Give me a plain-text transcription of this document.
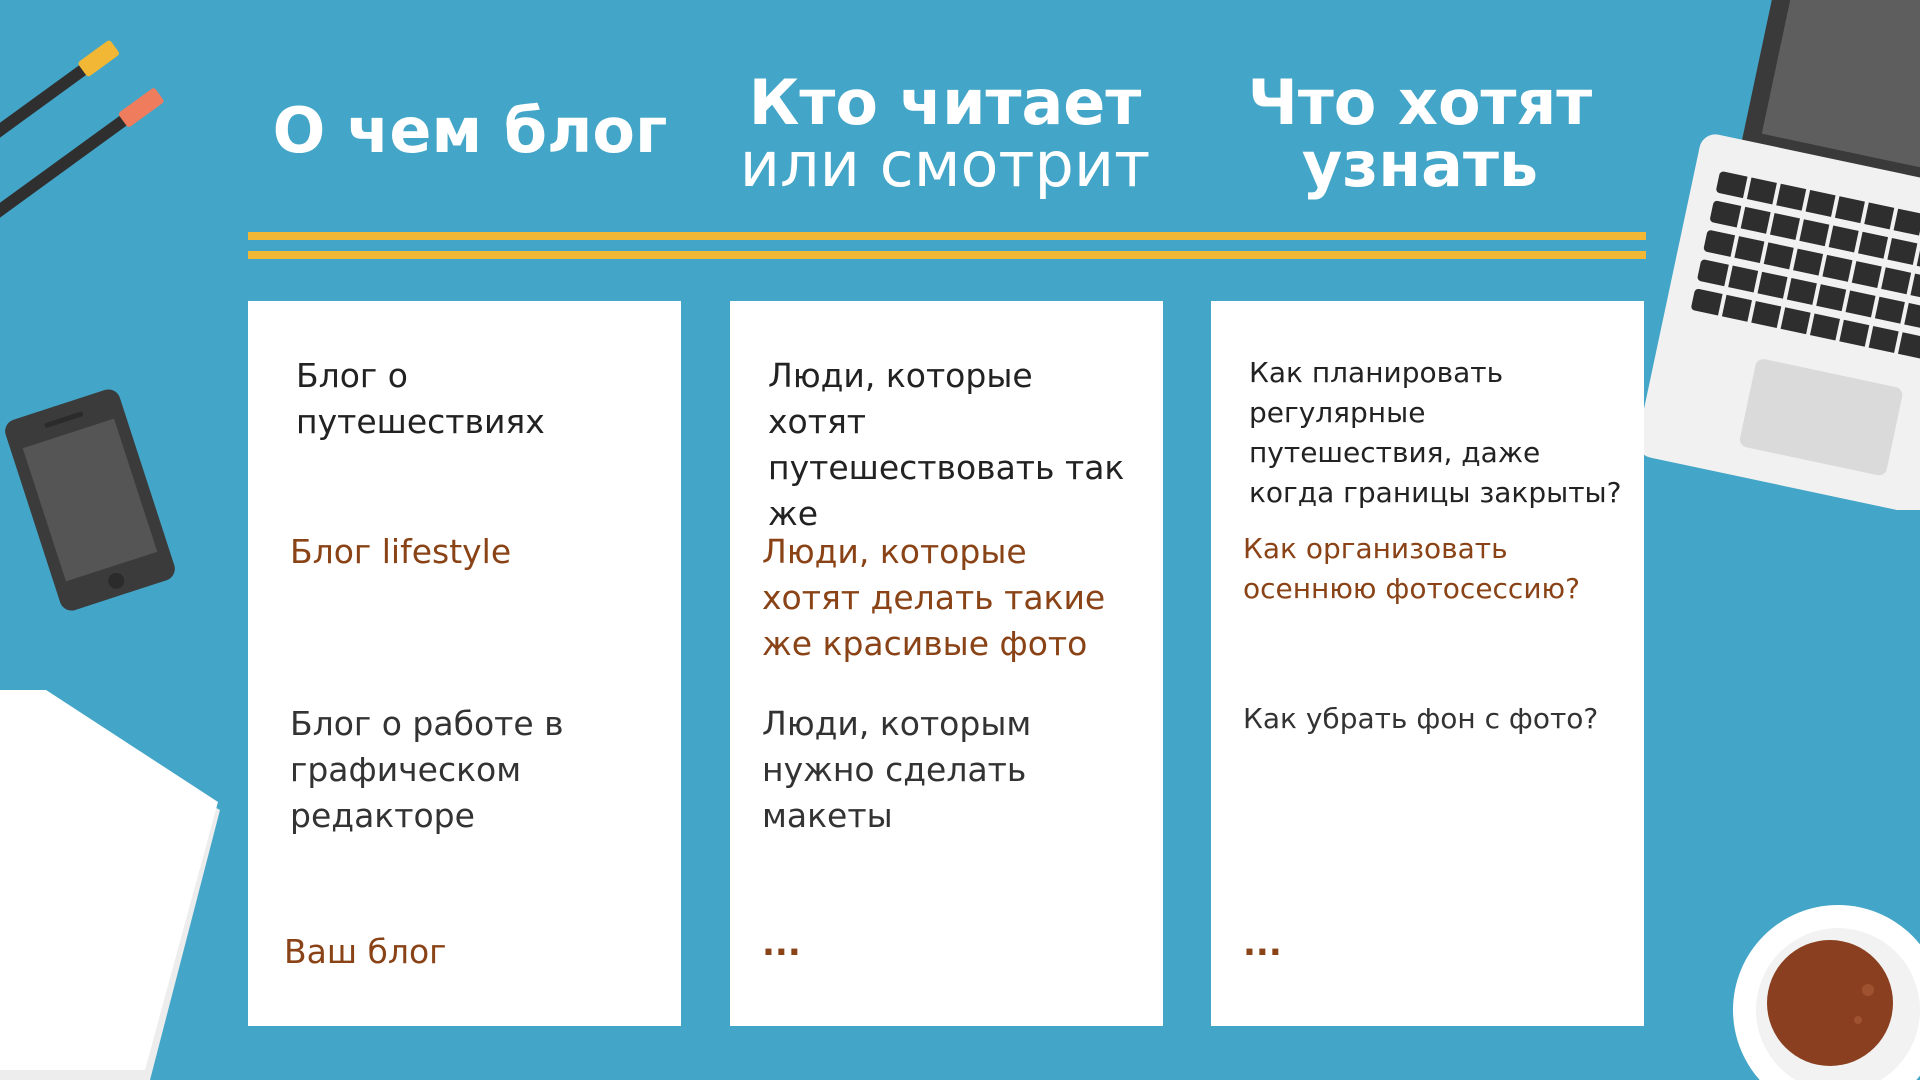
О чем блог	Кто читает
или смотрит
Что хотят
узнать
Блог о путешествиях
Блог lifestyle
Блог о работе в графическом редакторе
Ваш блог
Люди, которые хотят путешествовать так же
Люди, которые хотят делать такие же красивые фото
Люди, которым нужно сделать макеты
...
Как планировать регулярные путешествия, даже когда границы закрыты?
Как организовать осеннюю фотосессию?
Как убрать фон с фото?
...
